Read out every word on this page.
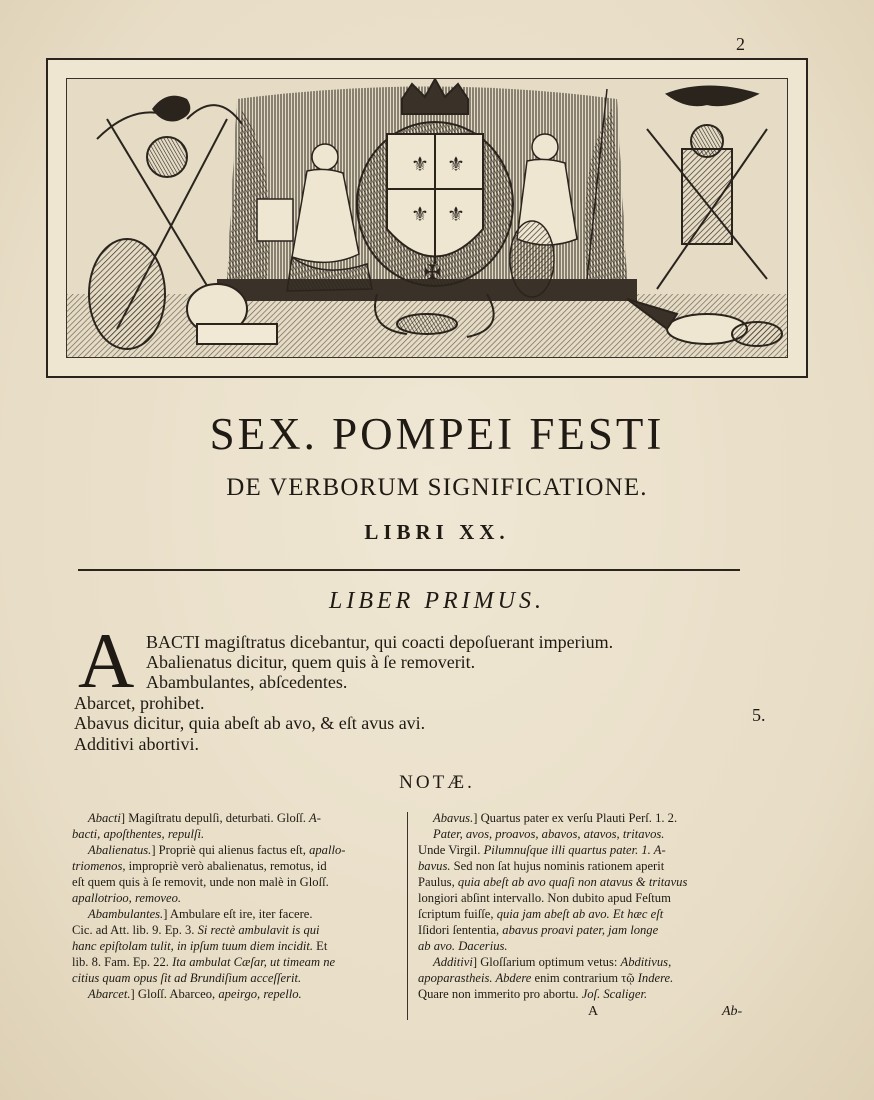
2
⚜ ⚜
⚜ ⚜
✠
SEX. POMPEI FESTI
DE VERBORUM SIGNIFICATIONE.
LIBRI XX.
LIBER PRIMUS.
A BACTI magiſtratus dicebantur, qui coacti depoſuerant imperium.
Abalienatus dicitur, quem quis à ſe removerit.
Abambulantes, abſcedentes.
Abarcet, prohibet.
Abavus dicitur, quia abeſt ab avo, & eſt avus avi.
Additivi abortivi.
5.
NOTÆ.
Abacti] Magiſtratu depulſi, deturbati. Gloſſ. A-
bacti, apoſthentes, repulſi.
Abalienatus.] Propriè qui alienus factus eſt, apallo-
triomenos, impropriè verò abalienatus, remotus, id
eſt quem quis à ſe removit, unde non malè in Gloſſ.
apallotrioo, removeo.
Abambulantes.] Ambulare eſt ire, iter facere.
Cic. ad Att. lib. 9. Ep. 3. Si rectè ambulavit is qui
hanc epiſtolam tulit, in ipſum tuum diem incidit. Et
lib. 8. Fam. Ep. 22. Ita ambulat Cæſar, ut timeam ne
citius quam opus ſit ad Brundiſium acceſſerit.
Abarcet.] Gloſſ. Abarceo, apeirgo, repello.
Abavus.] Quartus pater ex verſu Plauti Perſ. 1. 2.
Pater, avos, proavos, abavos, atavos, tritavos.
Unde Virgil. Pilumnuſque illi quartus pater. 1. A-
bavus. Sed non ſat hujus nominis rationem aperit
Paulus, quia abeſt ab avo quaſi non atavus & tritavus
longiori abſint intervallo. Non dubito apud Feſtum
ſcriptum fuiſſe, quia jam abeſt ab avo. Et hæc eſt
Iſidori ſententia, abavus proavi pater, jam longe
ab avo. Dacerius.
Additivi] Gloſſarium optimum vetus: Abditivus,
apoparastheis. Abdere enim contrarium τῷ Indere.
Quare non immerito pro abortu. Joſ. Scaliger.
A	Ab-
